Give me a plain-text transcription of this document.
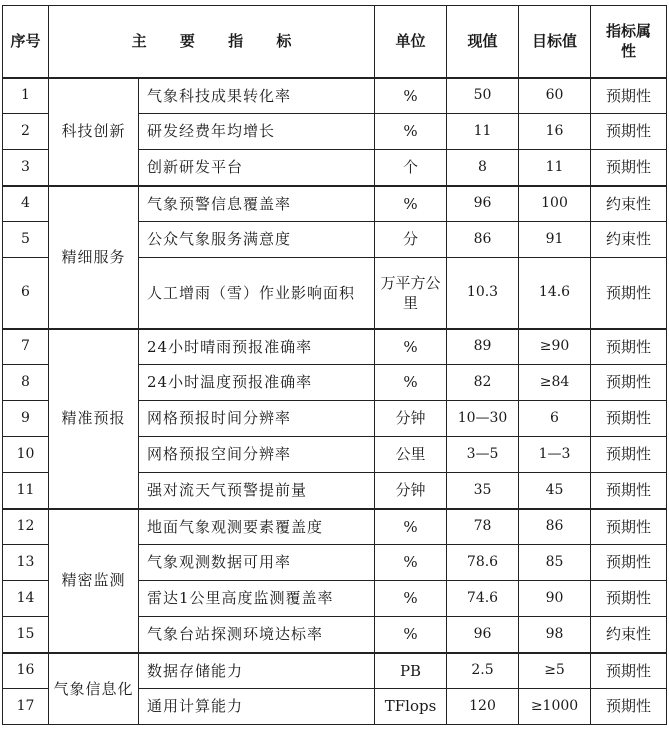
序号	主 要 指 标		单位	现值	目标值	指标属性
1	科技创新	气象科技成果转化率	%	50	60	预期性
2		研发经费年均增长	%	11	16	预期性
3		创新研发平台	个	8	11	预期性
4	精细服务	气象预警信息覆盖率	%	96	100	约束性
5		公众气象服务满意度	分	86	91	约束性
6		人工增雨（雪）作业影响面积	万平方公里	10.3	14.6	预期性
7	精准预报	24小时晴雨预报准确率	%	89	≥90	预期性
8		24小时温度预报准确率	%	82	≥84	预期性
9		网格预报时间分辨率	分钟	10—30	6	预期性
10		网格预报空间分辨率	公里	3—5	1—3	预期性
11		强对流天气预警提前量	分钟	35	45	预期性
12	精密监测	地面气象观测要素覆盖度	%	78	86	预期性
13		气象观测数据可用率	%	78.6	85	预期性
14		雷达1公里高度监测覆盖率	%	74.6	90	预期性
15		气象台站探测环境达标率	%	96	98	约束性
16	气象信息化	数据存储能力	PB	2.5	≥5	预期性
17		通用计算能力	TFlops	120	≥1000	预期性
